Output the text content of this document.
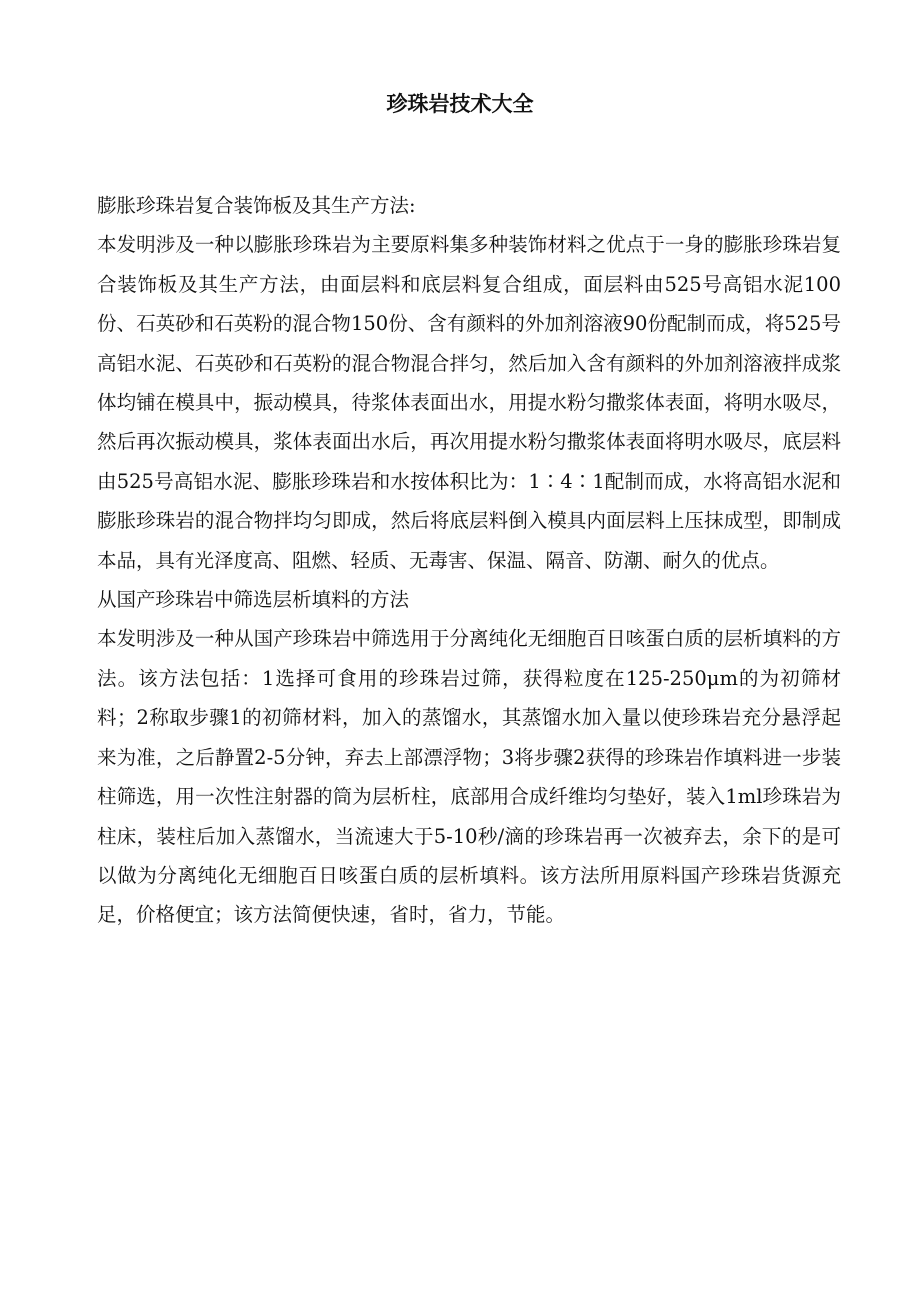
珍珠岩技术大全

膨胀珍珠岩复合装饰板及其生产方法:

本发明涉及一种以膨胀珍珠岩为主要原料集多种装饰材料之优点于一身的膨胀珍珠岩复合装饰板及其生产方法，由面层料和底层料复合组成，面层料由525号高铝水泥100份、石英砂和石英粉的混合物150份、含有颜料的外加剂溶液90份配制而成，将525号高铝水泥、石英砂和石英粉的混合物混合拌匀，然后加入含有颜料的外加剂溶液拌成浆体均铺在模具中，振动模具，待浆体表面出水，用提水粉匀撒浆体表面，将明水吸尽，然后再次振动模具，浆体表面出水后，再次用提水粉匀撒浆体表面将明水吸尽，底层料由525号高铝水泥、膨胀珍珠岩和水按体积比为：1∶4∶1配制而成，水将高铝水泥和膨胀珍珠岩的混合物拌均匀即成，然后将底层料倒入模具内面层料上压抹成型，即制成本品，具有光泽度高、阻燃、轻质、无毒害、保温、隔音、防潮、耐久的优点。

从国产珍珠岩中筛选层析填料的方法

本发明涉及一种从国产珍珠岩中筛选用于分离纯化无细胞百日咳蛋白质的层析填料的方法。该方法包括：1选择可食用的珍珠岩过筛，获得粒度在125-250μm的为初筛材料；2称取步骤1的初筛材料，加入的蒸馏水，其蒸馏水加入量以使珍珠岩充分悬浮起来为准，之后静置2-5分钟，弃去上部漂浮物；3将步骤2获得的珍珠岩作填料进一步装柱筛选，用一次性注射器的筒为层析柱，底部用合成纤维均匀垫好，装入1ml珍珠岩为柱床，装柱后加入蒸馏水，当流速大于5-10秒/滴的珍珠岩再一次被弃去，余下的是可以做为分离纯化无细胞百日咳蛋白质的层析填料。该方法所用原料国产珍珠岩货源充足，价格便宜；该方法简便快速，省时，省力，节能。
